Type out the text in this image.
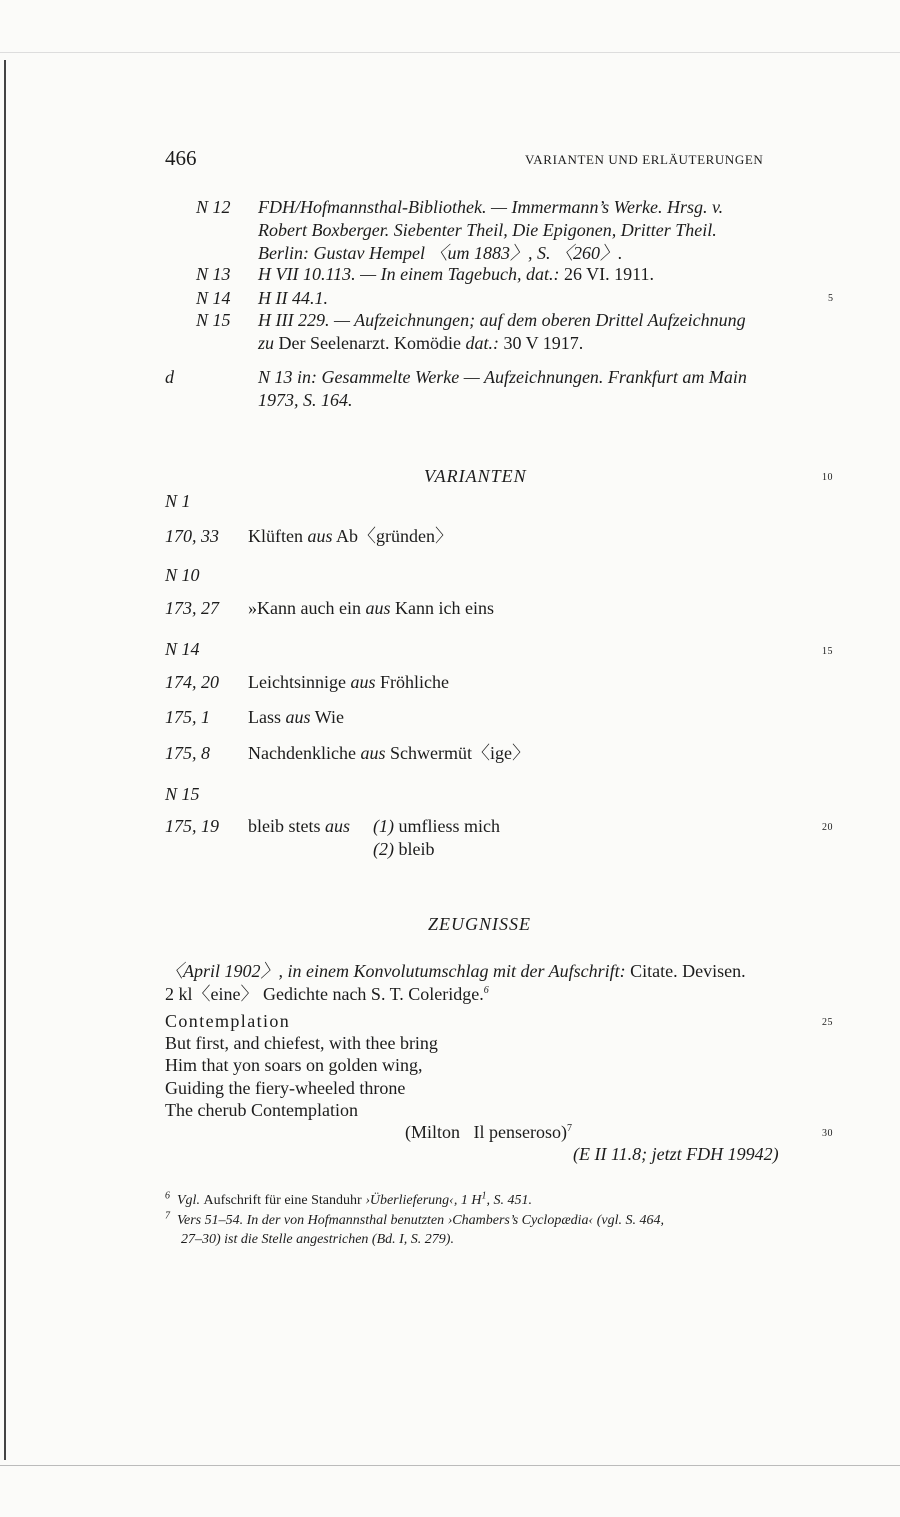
466	VARIANTEN UND ERLÄUTERUNGEN
N 12 FDH/Hofmannsthal-Bibliothek. — Immermann’s Werke. Hrsg. v.
Robert Boxberger. Siebenter Theil, Die Epigonen, Dritter Theil.
Berlin: Gustav Hempel 〈um 1883〉, S. 〈260〉.
N 13 H VII 10.113. — In einem Tagebuch, dat.: 26 VI. 1911.
N 14 H II 44.1.
N 15 H III 229. — Aufzeichnungen; auf dem oberen Drittel Aufzeichnung
zu Der Seelenarzt. Komödie dat.: 30 V 1917.
d	N 13 in: Gesammelte Werke — Aufzeichnungen. Frankfurt am Main
1973, S. 164.
VARIANTEN
N 1
170, 33 Klüften aus Ab〈gründen〉
N 10
173, 27 »Kann auch ein aus Kann ich eins
N 14
174, 20 Leichtsinnige aus Fröhliche
175, 1 Lass aus Wie
175, 8 Nachdenkliche aus Schwermüt〈ige〉
N 15
175, 19 bleib stets aus (1) umfliess mich
(2) bleib
ZEUGNISSE
〈April 1902〉, in einem Konvolutumschlag mit der Aufschrift: Citate. Devisen.
2 kl〈eine〉 Gedichte nach S. T. Coleridge.$^6$
Contemplation
But first, and chiefest, with thee bring
Him that yon soars on golden wing,
Guiding the fiery-wheeled throne
The cherub Contemplation
(Milton   Il penseroso)$^7$
(E II 11.8; jetzt FDH 19942)
$^6$ Vgl. Aufschrift für eine Standuhr ›Überlieferung‹, 1 $H^1$, S. 451.
$^7$ Vers 51–54. In der von Hofmannsthal benutzten ›Chambers’s Cyclopædia‹ (vgl. S. 464,
27–30) ist die Stelle angestrichen (Bd. I, S. 279).
5
10
15
20
25
30
